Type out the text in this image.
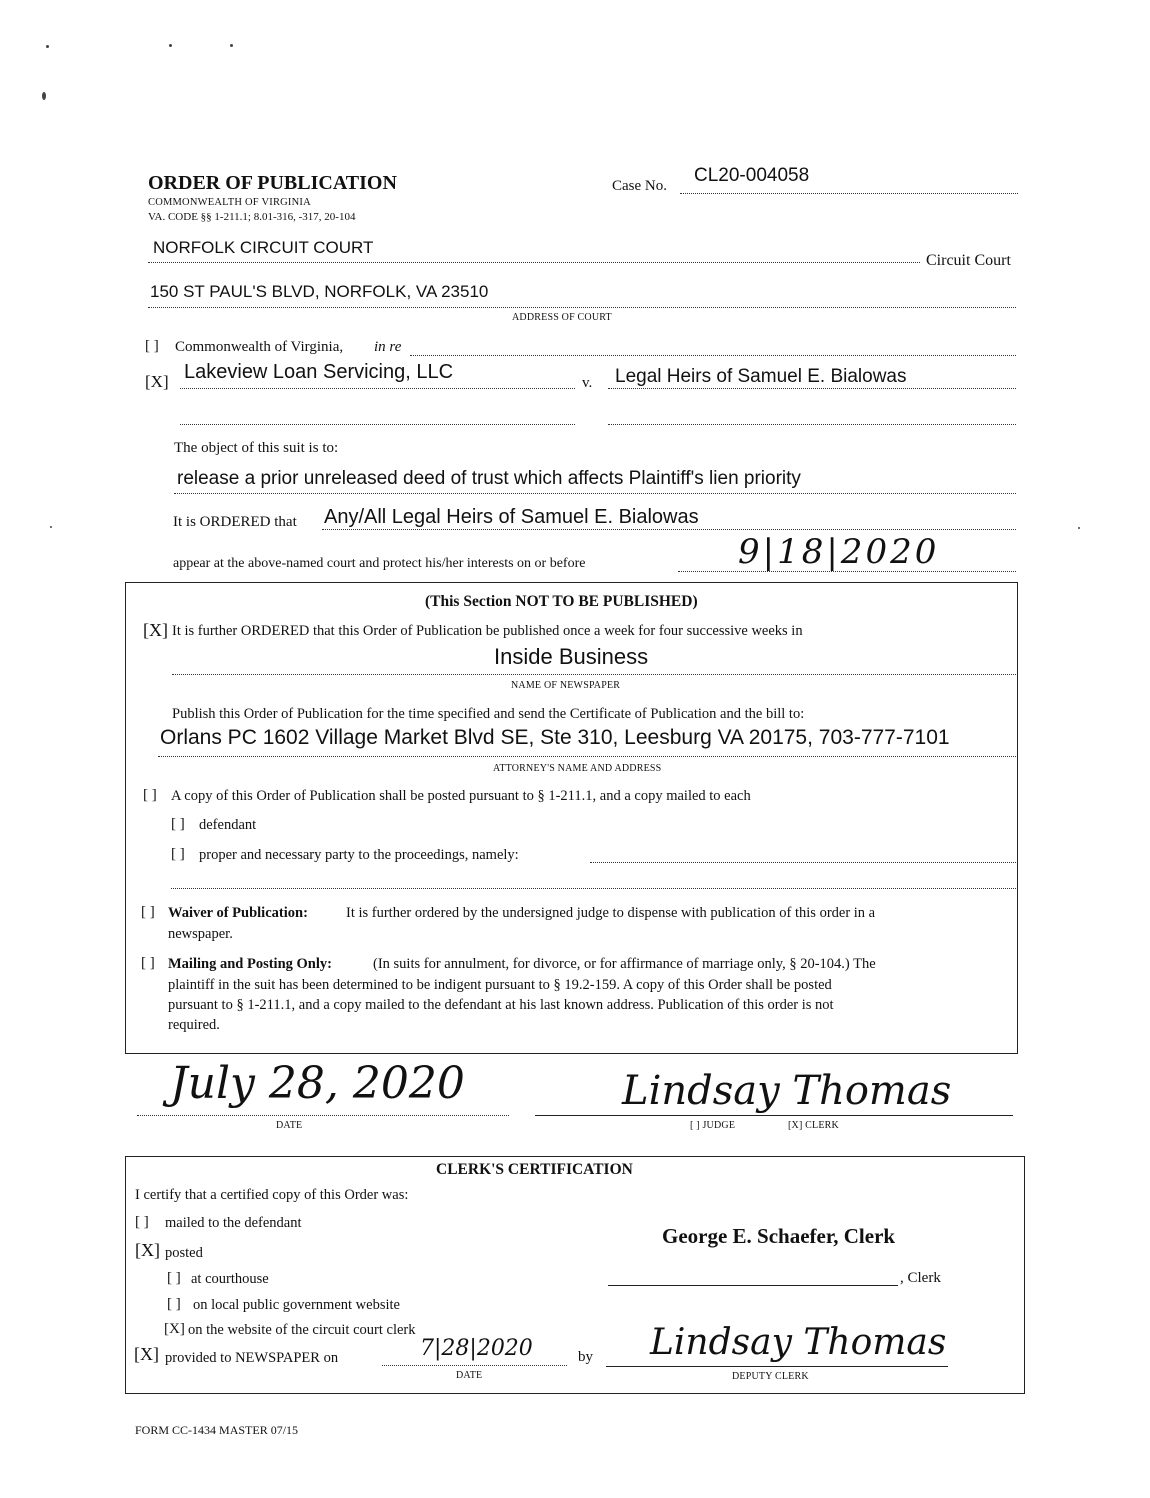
ORDER OF PUBLICATION
COMMONWEALTH OF VIRGINIA
VA. CODE §§ 1-211.1; 8.01-316, -317, 20-104
Case No. CL20-004058
NORFOLK CIRCUIT COURT
Circuit Court
150 ST PAUL'S BLVD, NORFOLK, VA 23510
ADDRESS OF COURT
[ ] Commonwealth of Virginia, in re
[X] Lakeview Loan Servicing, LLC	v. Legal Heirs of Samuel E. Bialowas
The object of this suit is to:
release a prior unreleased deed of trust which affects Plaintiff's lien priority
It is ORDERED that Any/All Legal Heirs of Samuel E. Bialowas
appear at the above-named court and protect his/her interests on or before	9|18|2020
(This Section NOT TO BE PUBLISHED)
[X] It is further ORDERED that this Order of Publication be published once a week for four successive weeks in
Inside Business
NAME OF NEWSPAPER
Publish this Order of Publication for the time specified and send the Certificate of Publication and the bill to:
Orlans PC 1602 Village Market Blvd SE, Ste 310, Leesburg VA 20175, 703-777-7101
ATTORNEY'S NAME AND ADDRESS
[ ] A copy of this Order of Publication shall be posted pursuant to § 1-211.1, and a copy mailed to each
[ ] defendant
[ ] proper and necessary party to the proceedings, namely:
[ ] Waiver of Publication:	It is further ordered by the undersigned judge to dispense with publication of this order in a
newspaper.
[ ] Mailing and Posting Only:	(In suits for annulment, for divorce, or for affirmance of marriage only, § 20-104.) The
plaintiff in the suit has been determined to be indigent pursuant to § 19.2-159. A copy of this Order shall be posted
pursuant to § 1-211.1, and a copy mailed to the defendant at his last known address. Publication of this order is not
required.
July 28, 2020
DATE
Lindsay Thomas
[ ] JUDGE	[X] CLERK
CLERK'S CERTIFICATION
I certify that a certified copy of this Order was:
[ ] mailed to the defendant
[X] posted
[ ] at courthouse
[ ] on local public government website
[X] on the website of the circuit court clerk
[X] provided to NEWSPAPER on	7|28|2020
DATE
by
George E. Schaefer, Clerk
, Clerk
Lindsay Thomas
DEPUTY CLERK
FORM CC-1434 MASTER 07/15
